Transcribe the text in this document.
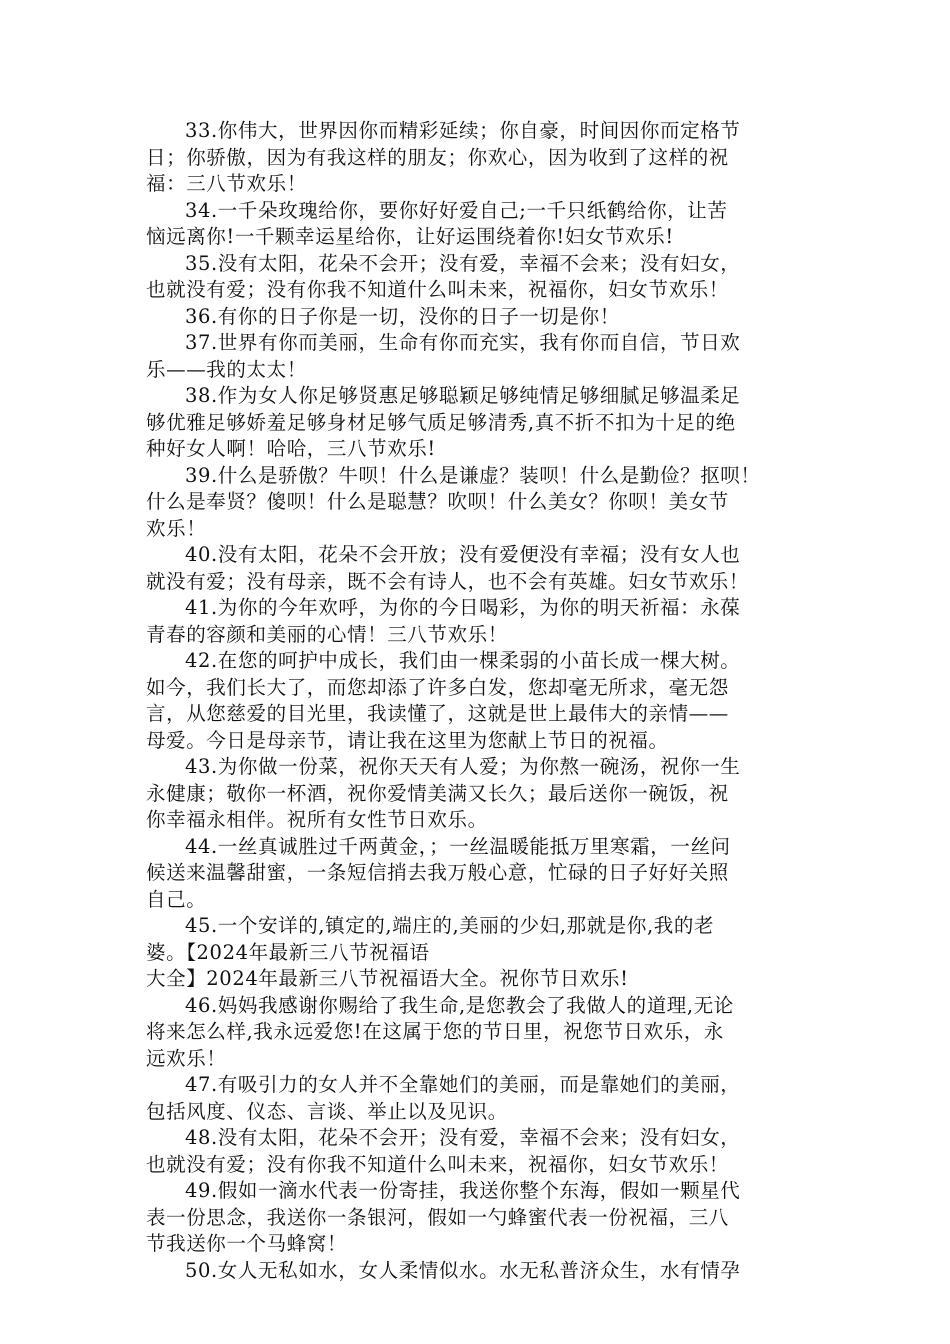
33.你伟大，世界因你而精彩延续；你自豪，时间因你而定格节
日；你骄傲，因为有我这样的朋友；你欢心，因为收到了这样的祝
福：三八节欢乐！

34.一千朵玫瑰给你，要你好好爱自己;一千只纸鹤给你，让苦
恼远离你!一千颗幸运星给你，让好运围绕着你!妇女节欢乐!

35.没有太阳，花朵不会开；没有爱，幸福不会来；没有妇女，
也就没有爱；没有你我不知道什么叫未来，祝福你，妇女节欢乐！

36.有你的日子你是一切，没你的日子一切是你！

37.世界有你而美丽，生命有你而充实，我有你而自信，节日欢
乐——我的太太！

38.作为女人你足够贤惠足够聪颖足够纯情足够细腻足够温柔足
够优雅足够娇羞足够身材足够气质足够清秀,真不折不扣为十足的绝
种好女人啊！哈哈，三八节欢乐!

39.什么是骄傲？牛呗！什么是谦虚？装呗！什么是勤俭？抠呗！
什么是奉贤？傻呗！什么是聪慧？吹呗！什么美女？你呗！美女节
欢乐！

40.没有太阳，花朵不会开放；没有爱便没有幸福；没有女人也
就没有爱；没有母亲，既不会有诗人，也不会有英雄。妇女节欢乐！

41.为你的今年欢呼，为你的今日喝彩，为你的明天祈福：永葆
青春的容颜和美丽的心情！三八节欢乐！

42.在您的呵护中成长，我们由一棵柔弱的小苗长成一棵大树。
如今，我们长大了，而您却添了许多白发，您却毫无所求，毫无怨
言，从您慈爱的目光里，我读懂了，这就是世上最伟大的亲情——
母爱。今日是母亲节，请让我在这里为您献上节日的祝福。

43.为你做一份菜，祝你天天有人爱；为你熬一碗汤，祝你一生
永健康；敬你一杯酒，祝你爱情美满又长久；最后送你一碗饭，祝
你幸福永相伴。祝所有女性节日欢乐。

44.一丝真诚胜过千两黄金，；一丝温暖能抵万里寒霜，一丝问
候送来温馨甜蜜，一条短信捎去我万般心意，忙碌的日子好好关照
自己。

45.一个安详的,镇定的,端庄的,美丽的少妇,那就是你,我的老
婆。【2024年最新三八节祝福语
大全】2024年最新三八节祝福语大全。祝你节日欢乐!

46.妈妈我感谢你赐给了我生命,是您教会了我做人的道理,无论
将来怎么样,我永远爱您!在这属于您的节日里，祝您节日欢乐，永
远欢乐！

47.有吸引力的女人并不全靠她们的美丽，而是靠她们的美丽，
包括风度、仪态、言谈、举止以及见识。

48.没有太阳，花朵不会开；没有爱，幸福不会来；没有妇女，
也就没有爱；没有你我不知道什么叫未来，祝福你，妇女节欢乐！

49.假如一滴水代表一份寄挂，我送你整个东海，假如一颗星代
表一份思念，我送你一条银河，假如一勺蜂蜜代表一份祝福，三八
节我送你一个马蜂窝！

50.女人无私如水，女人柔情似水。水无私普济众生，水有情孕
